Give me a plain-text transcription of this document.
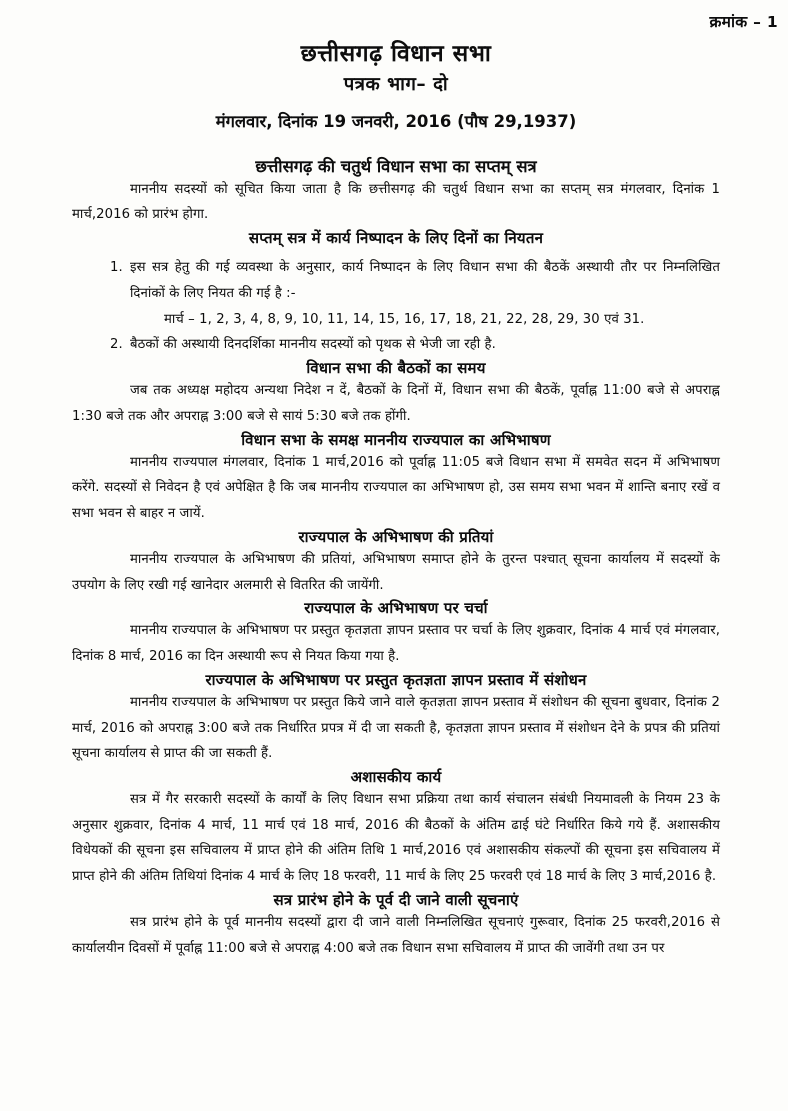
क्रमांक – 1
छत्तीसगढ़ विधान सभा
पत्रक भाग– दो
मंगलवार, दिनांक 19 जनवरी, 2016 (पौष 29,1937)
छत्तीसगढ़ की चतुर्थ विधान सभा का सप्तम् सत्र

माननीय सदस्यों को सूचित किया जाता है कि छत्तीसगढ़ की चतुर्थ विधान सभा का सप्तम् सत्र मंगलवार, दिनांक 1 मार्च,2016 को प्रारंभ होगा.

सप्तम् सत्र में कार्य निष्पादन के लिए दिनों का नियतन
1. इस सत्र हेतु की गई व्यवस्था के अनुसार, कार्य निष्पादन के लिए विधान सभा की बैठकें अस्थायी तौर पर निम्नलिखित दिनांकों के लिए नियत की गई है :-
मार्च – 1, 2, 3, 4, 8, 9, 10, 11, 14, 15, 16, 17, 18, 21, 22, 28, 29, 30 एवं 31.
2. बैठकों की अस्थायी दिनदर्शिका माननीय सदस्यों को पृथक से भेजी जा रही है.
विधान सभा की बैठकों का समय

जब तक अध्यक्ष महोदय अन्यथा निदेश न दें, बैठकों के दिनों में, विधान सभा की बैठकें, पूर्वाह्न 11:00 बजे से अपराह्न 1:30 बजे तक और अपराह्न 3:00 बजे से सायं 5:30 बजे तक होंगी.

विधान सभा के समक्ष माननीय राज्यपाल का अभिभाषण

माननीय राज्यपाल मंगलवार, दिनांक 1 मार्च,2016 को पूर्वाह्न 11:05 बजे विधान सभा में समवेत सदन में अभिभाषण करेंगे. सदस्यों से निवेदन है एवं अपेक्षित है कि जब माननीय राज्यपाल का अभिभाषण हो, उस समय सभा भवन में शान्ति बनाए रखें व सभा भवन से बाहर न जायें.

राज्यपाल के अभिभाषण की प्रतियां

माननीय राज्यपाल के अभिभाषण की प्रतियां, अभिभाषण समाप्त होने के तुरन्त पश्चात् सूचना कार्यालय में सदस्यों के उपयोग के लिए रखी गई खानेदार अलमारी से वितरित की जायेंगी.

राज्यपाल के अभिभाषण पर चर्चा

माननीय राज्यपाल के अभिभाषण पर प्रस्तुत कृतज्ञता ज्ञापन प्रस्ताव पर चर्चा के लिए शुक्रवार, दिनांक 4 मार्च एवं मंगलवार, दिनांक 8 मार्च, 2016 का दिन अस्थायी रूप से नियत किया गया है.

राज्यपाल के अभिभाषण पर प्रस्तुत कृतज्ञता ज्ञापन प्रस्ताव में संशोधन

माननीय राज्यपाल के अभिभाषण पर प्रस्तुत किये जाने वाले कृतज्ञता ज्ञापन प्रस्ताव में संशोधन की सूचना बुधवार, दिनांक 2 मार्च, 2016 को अपराह्न 3:00 बजे तक निर्धारित प्रपत्र में दी जा सकती है, कृतज्ञता ज्ञापन प्रस्ताव में संशोधन देने के प्रपत्र की प्रतियां सूचना कार्यालय से प्राप्त की जा सकती हैं.

अशासकीय कार्य

सत्र में गैर सरकारी सदस्यों के कार्यों के लिए विधान सभा प्रक्रिया तथा कार्य संचालन संबंधी नियमावली के नियम 23 के अनुसार शुक्रवार, दिनांक 4 मार्च, 11 मार्च एवं 18 मार्च, 2016 की बैठकों के अंतिम ढाई घंटे निर्धारित किये गये हैं. अशासकीय विधेयकों की सूचना इस सचिवालय में प्राप्त होने की अंतिम तिथि 1 मार्च,2016 एवं अशासकीय संकल्पों की सूचना इस सचिवालय में प्राप्त होने की अंतिम तिथियां दिनांक 4 मार्च के लिए 18 फरवरी, 11 मार्च के लिए 25 फरवरी एवं 18 मार्च के लिए 3 मार्च,2016 है.

सत्र प्रारंभ होने के पूर्व दी जाने वाली सूचनाएं

सत्र प्रारंभ होने के पूर्व माननीय सदस्यों द्वारा दी जाने वाली निम्नलिखित सूचनाएं गुरूवार, दिनांक 25 फरवरी,2016 से कार्यालयीन दिवसों में पूर्वाह्न 11:00 बजे से अपराह्न 4:00 बजे तक विधान सभा सचिवालय में प्राप्त की जावेंगी तथा उन पर
